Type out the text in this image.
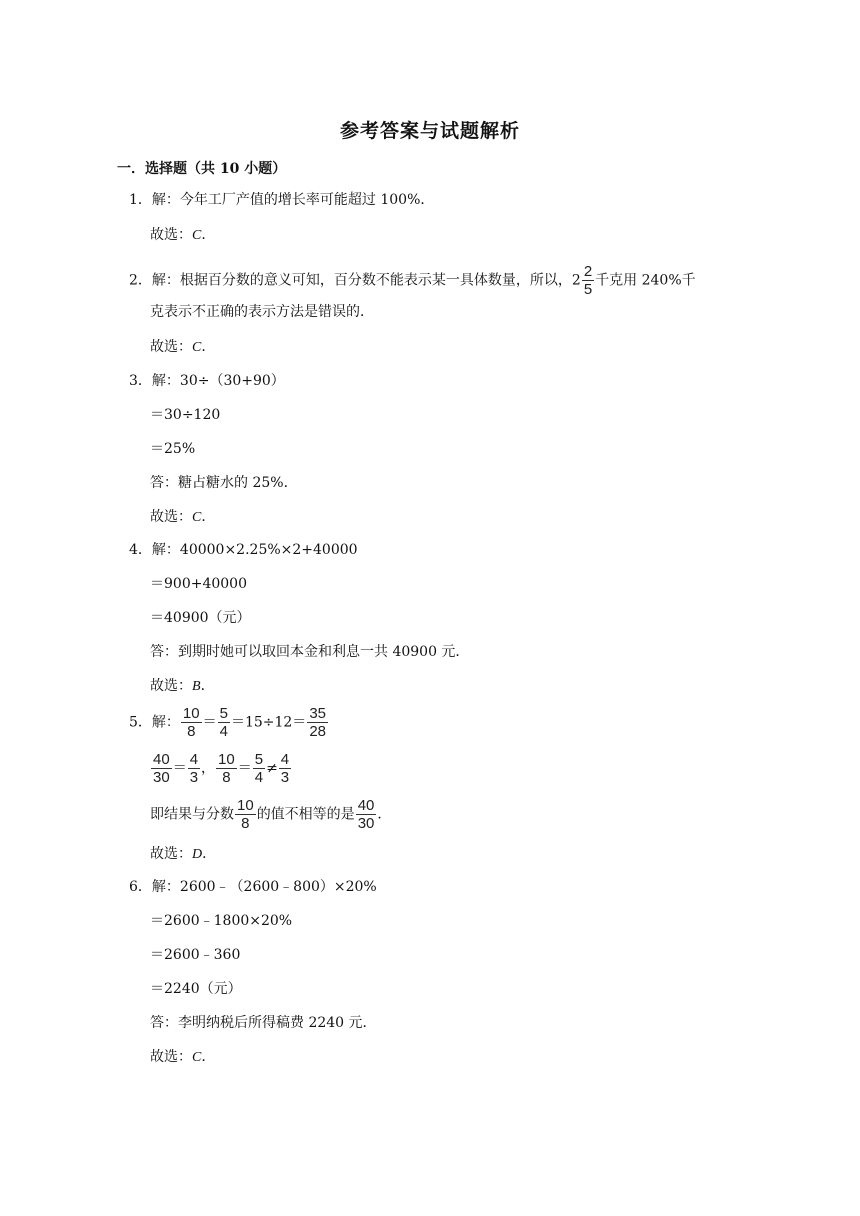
参考答案与试题解析
一．选择题（共 10 小题）
1．解：今年工厂产值的增长率可能超过 100%．
故选：C．
2．解：根据百分数的意义可知，百分数不能表示某一具体数量，所以，$2 \frac{2}{5}$ 千克用 240%千
克表示不正确的表示方法是错误的．
故选：C．
3．解：30÷（30+90）
＝30÷120
＝25%
答：糖占糖水的 25%．
故选：C．
4．解：40000×2.25%×2+40000
＝900+40000
＝40900（元）
答：到期时她可以取回本金和利息一共 40900 元．
故选：B．
5．解： $\frac{10}{8} = \frac{5}{4} =15\div 12= \frac{35}{28}$
$\frac{40}{30} = \frac{4}{3}$ ， $\frac{10}{8} = \frac{5}{4} \ne \frac{4}{3}$
即结果与分数 $\frac{10}{8}$ 的值不相等的是 $\frac{40}{30}$ ．
故选：D．
6．解：2600﹣（2600﹣800）×20%
＝2600﹣1800×20%
＝2600﹣360
＝2240（元）
答：李明纳税后所得稿费 2240 元．
故选：C．
